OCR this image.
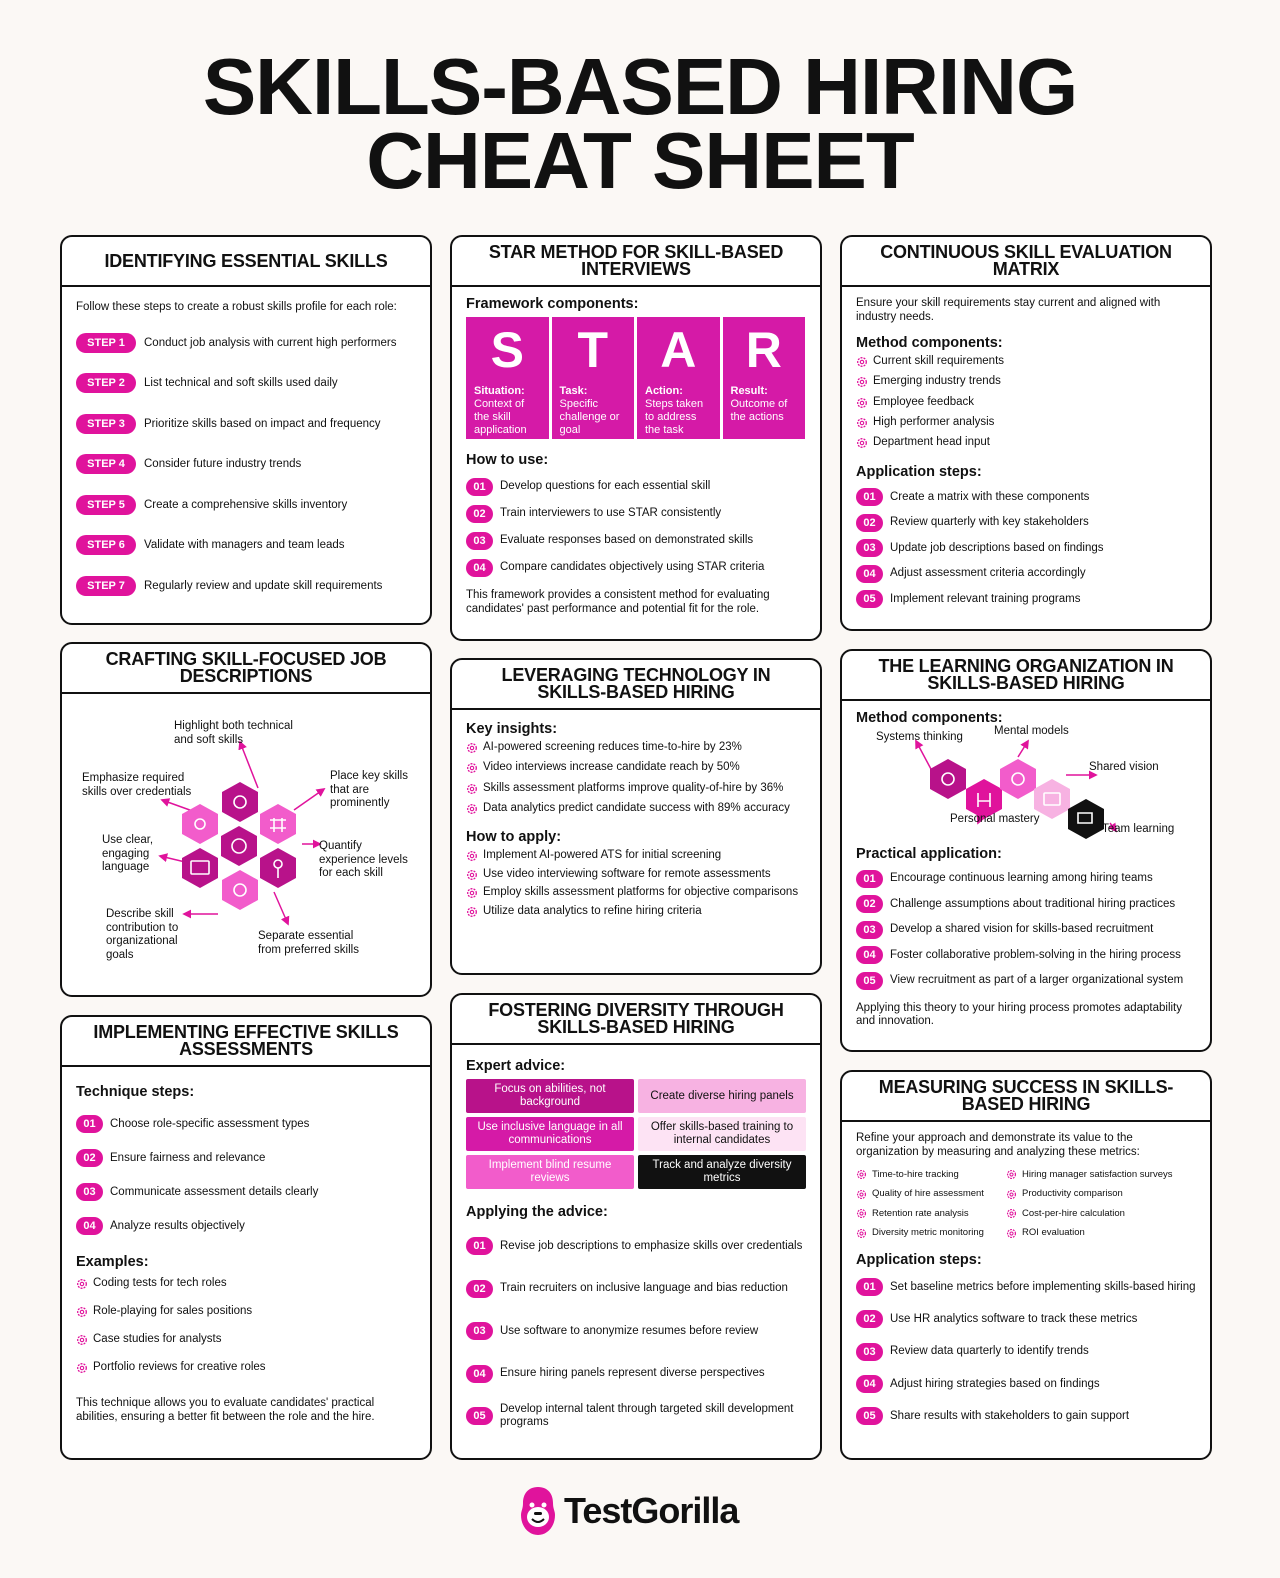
SKILLS-BASED HIRING
CHEAT SHEET
IDENTIFYING ESSENTIAL SKILLS
Follow these steps to create a robust skills profile for each role:
STEP 1	Conduct job analysis with current high performers
STEP 2	List technical and soft skills used daily
STEP 3	Prioritize skills based on impact and frequency
STEP 4	Consider future industry trends
STEP 5	Create a comprehensive skills inventory
STEP 6	Validate with managers and team leads
STEP 7	Regularly review and update skill requirements
STAR METHOD FOR SKILL-BASED INTERVIEWS
Framework components:
S
Situation:
Context of the skill application
T
Task:
Specific challenge or goal
A
Action:
Steps taken to address the task
R
Result:
Outcome of the actions
How to use:
01	Develop questions for each essential skill
02	Train interviewers to use STAR consistently
03	Evaluate responses based on demonstrated skills
04	Compare candidates objectively using STAR criteria
This framework provides a consistent method for evaluating candidates' past performance and potential fit for the role.
CONTINUOUS SKILL EVALUATION MATRIX
Ensure your skill requirements stay current and aligned with industry needs.
Method components:
Current skill requirements
Emerging industry trends
Employee feedback
High performer analysis
Department head input
Application steps:
01	Create a matrix with these components
02	Review quarterly with key stakeholders
03	Update job descriptions based on findings
04	Adjust assessment criteria accordingly
05	Implement relevant training programs
CRAFTING SKILL-FOCUSED JOB DESCRIPTIONS
Highlight both technical and soft skills
Emphasize required skills over credentials
Place key skills that are prominently
Use clear, engaging language
Quantify experience levels for each skill
Describe skill contribution to organizational goals
Separate essential from preferred skills
LEVERAGING TECHNOLOGY IN SKILLS-BASED HIRING
Key insights:
AI-powered screening reduces time-to-hire by 23%
Video interviews increase candidate reach by 50%
Skills assessment platforms improve quality-of-hire by 36%
Data analytics predict candidate success with 89% accuracy
How to apply:
Implement AI-powered ATS for initial screening
Use video interviewing software for remote assessments
Employ skills assessment platforms for objective comparisons
Utilize data analytics to refine hiring criteria
THE LEARNING ORGANIZATION IN SKILLS-BASED HIRING
Method components:
Systems thinking	Mental models
Shared vision
Personal mastery
Team learning
Practical application:
01	Encourage continuous learning among hiring teams
02	Challenge assumptions about traditional hiring practices
03	Develop a shared vision for skills-based recruitment
04	Foster collaborative problem-solving in the hiring process
05	View recruitment as part of a larger organizational system
Applying this theory to your hiring process promotes adaptability and innovation.
IMPLEMENTING EFFECTIVE SKILLS ASSESSMENTS
Technique steps:
01	Choose role-specific assessment types
02	Ensure fairness and relevance
03	Communicate assessment details clearly
04	Analyze results objectively
Examples:
Coding tests for tech roles
Role-playing for sales positions
Case studies for analysts
Portfolio reviews for creative roles
This technique allows you to evaluate candidates' practical abilities, ensuring a better fit between the role and the hire.
FOSTERING DIVERSITY THROUGH SKILLS-BASED HIRING
Expert advice:
Focus on abilities, not background
Create diverse hiring panels
Use inclusive language in all communications
Offer skills-based training to internal candidates
Implement blind resume reviews
Track and analyze diversity metrics
Applying the advice:
01	Revise job descriptions to emphasize skills over credentials
02	Train recruiters on inclusive language and bias reduction
03	Use software to anonymize resumes before review
04	Ensure hiring panels represent diverse perspectives
05
Develop internal talent through targeted skill development programs
MEASURING SUCCESS IN SKILLS-BASED HIRING
Refine your approach and demonstrate its value to the organization by measuring and analyzing these metrics:
Time-to-hire tracking
Quality of hire assessment
Retention rate analysis
Diversity metric monitoring
Hiring manager satisfaction surveys
Productivity comparison
Cost-per-hire calculation
ROI evaluation
Application steps:
01	Set baseline metrics before implementing skills-based hiring
02	Use HR analytics software to track these metrics
03	Review data quarterly to identify trends
04	Adjust hiring strategies based on findings
05	Share results with stakeholders to gain support
TestGorilla
